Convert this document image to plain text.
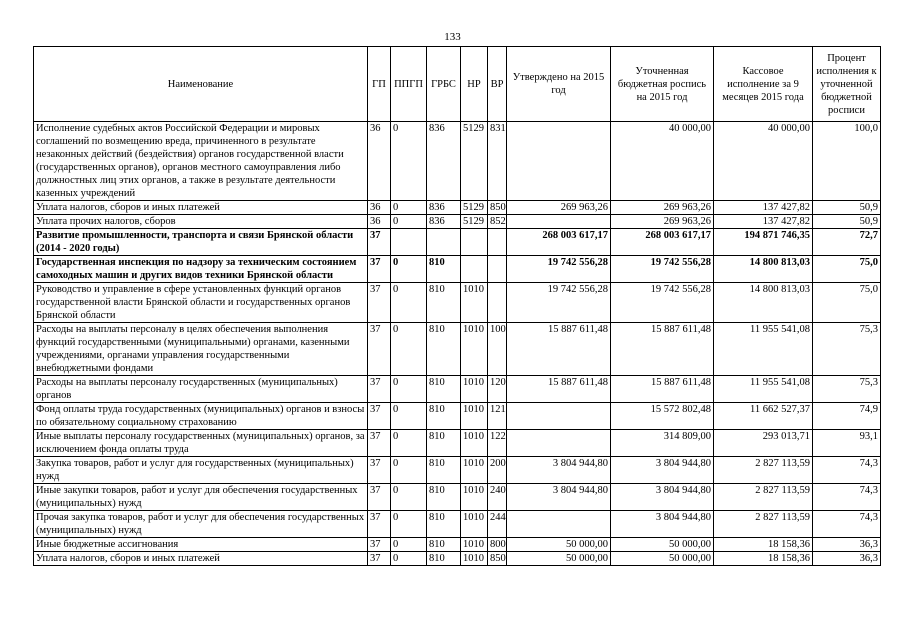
133
Наименование	ГП	ППГП	ГРБС	НР	ВР	Утверждено на 2015 год	Уточненная бюджетная роспись на 2015 год	Кассовое исполнение за 9 месяцев 2015 года	Процент исполнения к уточненной бюджетной росписи
Исполнение судебных актов Российской Федерации и мировых соглашений по возмещению вреда, причиненного в результате незаконных действий (бездействия) органов государственной власти (государственных органов), органов местного самоуправления либо должностных лиц этих органов, а также в результате деятельности казенных учреждений	36	0	836	5129	831		40 000,00	40 000,00	100,0
Уплата налогов, сборов и иных платежей	36	0	836	5129	850	269 963,26	269 963,26	137 427,82	50,9
Уплата прочих налогов, сборов	36	0	836	5129	852		269 963,26	137 427,82	50,9
Развитие промышленности, транспорта и связи Брянской области (2014 - 2020 годы)	37					268 003 617,17	268 003 617,17	194 871 746,35	72,7
Государственная инспекция по надзору за техническим состоянием самоходных машин и других видов техники Брянской области	37	0	810			19 742 556,28	19 742 556,28	14 800 813,03	75,0
Руководство и управление в сфере установленных функций органов государственной власти Брянской области и государственных органов Брянской области	37	0	810	1010		19 742 556,28	19 742 556,28	14 800 813,03	75,0
Расходы на выплаты персоналу в целях обеспечения выполнения функций государственными (муниципальными) органами, казенными учреждениями, органами управления государственными внебюджетными фондами	37	0	810	1010	100	15 887 611,48	15 887 611,48	11 955 541,08	75,3
Расходы на выплаты персоналу государственных (муниципальных) органов	37	0	810	1010	120	15 887 611,48	15 887 611,48	11 955 541,08	75,3
Фонд оплаты труда государственных (муниципальных) органов и взносы по обязательному социальному страхованию	37	0	810	1010	121		15 572 802,48	11 662 527,37	74,9
Иные выплаты персоналу государственных (муниципальных) органов, за исключением фонда оплаты труда	37	0	810	1010	122		314 809,00	293 013,71	93,1
Закупка товаров, работ и услуг для государственных (муниципальных) нужд	37	0	810	1010	200	3 804 944,80	3 804 944,80	2 827 113,59	74,3
Иные закупки товаров, работ и услуг для обеспечения государственных (муниципальных) нужд	37	0	810	1010	240	3 804 944,80	3 804 944,80	2 827 113,59	74,3
Прочая закупка товаров, работ и услуг для обеспечения государственных (муниципальных) нужд	37	0	810	1010	244		3 804 944,80	2 827 113,59	74,3
Иные бюджетные ассигнования	37	0	810	1010	800	50 000,00	50 000,00	18 158,36	36,3
Уплата налогов, сборов и иных платежей	37	0	810	1010	850	50 000,00	50 000,00	18 158,36	36,3
